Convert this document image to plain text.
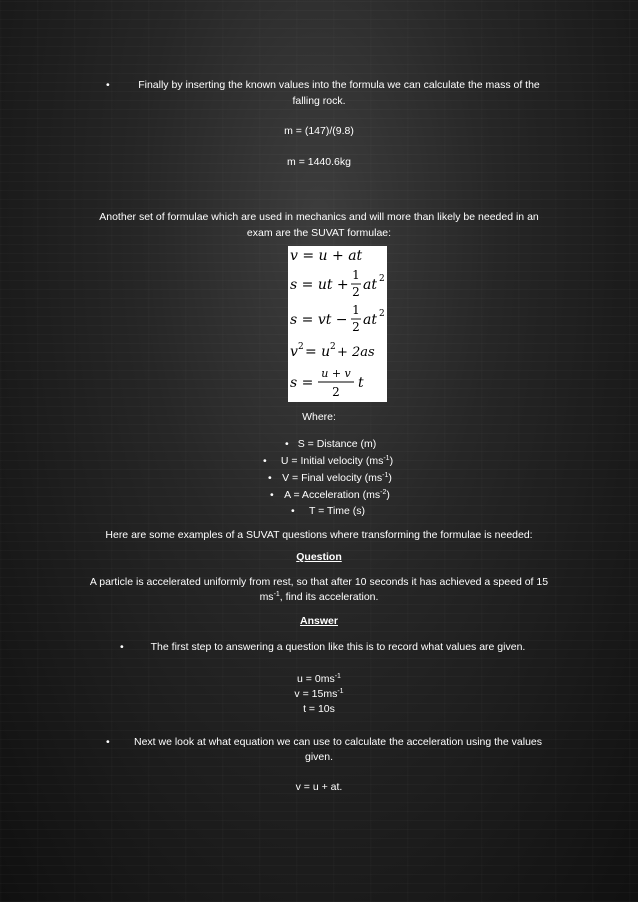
•	Finally by inserting the known values into the formula we can calculate the mass of the
falling rock.
m = (147)/(9.8)
m = 1440.6kg
Another set of formulae which are used in mechanics and will more than likely be needed in an
exam are the SUVAT formulae:
v = u + at
s = ut +
1
2 at 2
s = vt −
1
2 at 2
v 2 = u 2 + 2as
s =
u + v
2
t
Where:
• S = Distance (m)
•	U = Initial velocity $(ms^{-1})$
• V = Final velocity $(ms^{-1})$
• A = Acceleration $(ms^{-2})$
•	T = Time (s)
Here are some examples of a SUVAT questions where transforming the formulae is needed:
Question
A particle is accelerated uniformly from rest, so that after 10 seconds it has achieved a speed of 15
$ms^{-1}$, find its acceleration.
Answer
•	The first step to answering a question like this is to record what values are given.
$u = 0ms^{-1}$
$v = 15ms^{-1}$
t = 10s
•	Next we look at what equation we can use to calculate the acceleration using the values
given.
v = u + at.
